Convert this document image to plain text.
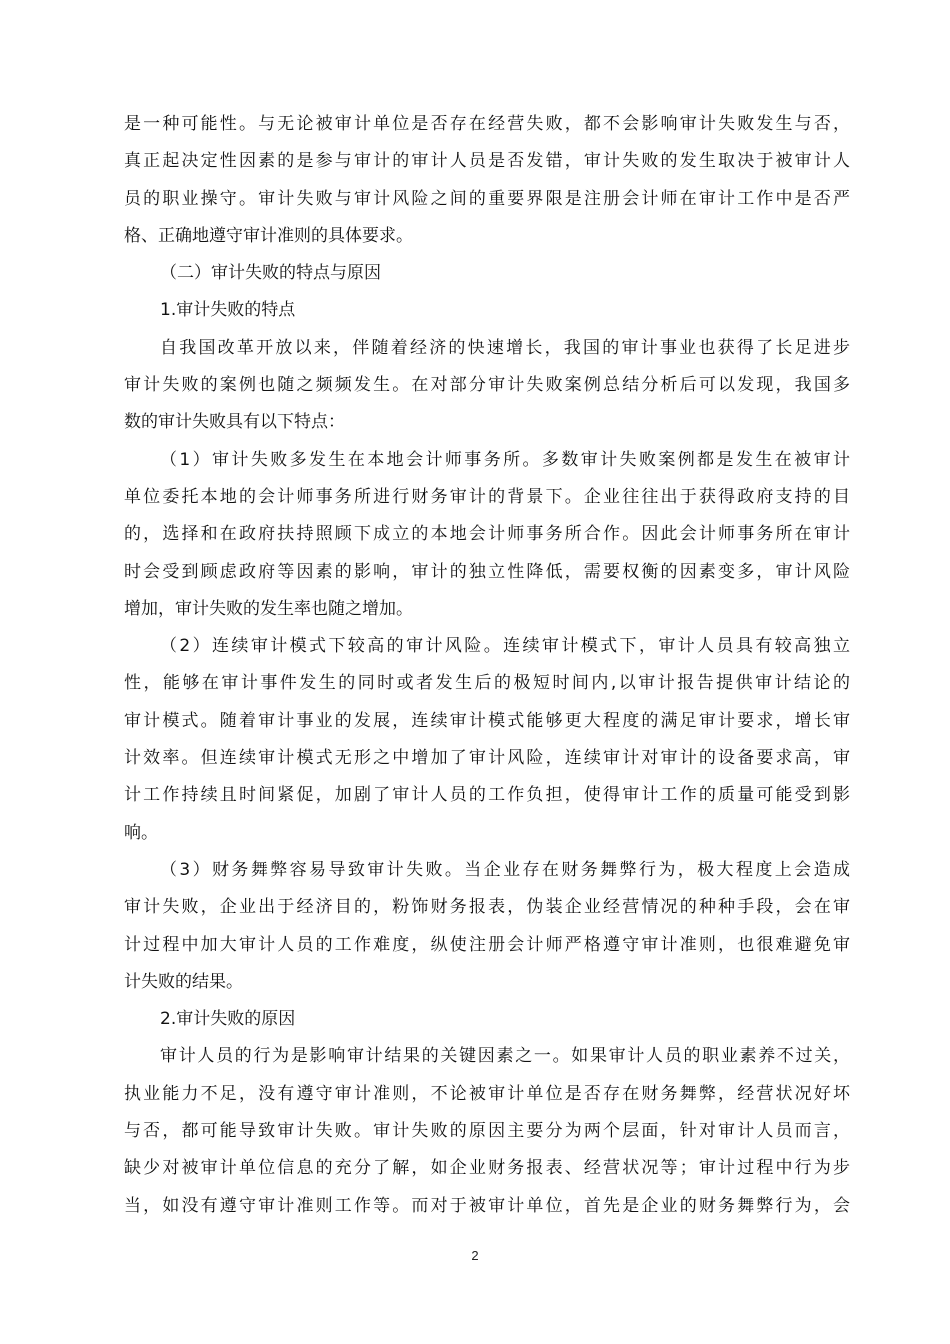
是一种可能性。与无论被审计单位是否存在经营失败，都不会影响审计失败发生与否，
真正起决定性因素的是参与审计的审计人员是否发错，审计失败的发生取决于被审计人
员的职业操守。审计失败与审计风险之间的重要界限是注册会计师在审计工作中是否严
格、正确地遵守审计准则的具体要求。

（二）审计失败的特点与原因

1.审计失败的特点

自我国改革开放以来，伴随着经济的快速增长，我国的审计事业也获得了长足进步
审计失败的案例也随之频频发生。在对部分审计失败案例总结分析后可以发现，我国多
数的审计失败具有以下特点：

（1）审计失败多发生在本地会计师事务所。多数审计失败案例都是发生在被审计
单位委托本地的会计师事务所进行财务审计的背景下。企业往往出于获得政府支持的目
的，选择和在政府扶持照顾下成立的本地会计师事务所合作。因此会计师事务所在审计
时会受到顾虑政府等因素的影响，审计的独立性降低，需要权衡的因素变多，审计风险
增加，审计失败的发生率也随之增加。

（2）连续审计模式下较高的审计风险。连续审计模式下，审计人员具有较高独立
性，能够在审计事件发生的同时或者发生后的极短时间内,以审计报告提供审计结论的
审计模式。随着审计事业的发展，连续审计模式能够更大程度的满足审计要求，增长审
计效率。但连续审计模式无形之中增加了审计风险，连续审计对审计的设备要求高，审
计工作持续且时间紧促，加剧了审计人员的工作负担，使得审计工作的质量可能受到影
响。

（3）财务舞弊容易导致审计失败。当企业存在财务舞弊行为，极大程度上会造成
审计失败，企业出于经济目的，粉饰财务报表，伪装企业经营情况的种种手段，会在审
计过程中加大审计人员的工作难度，纵使注册会计师严格遵守审计准则，也很难避免审
计失败的结果。

2.审计失败的原因

审计人员的行为是影响审计结果的关键因素之一。如果审计人员的职业素养不过关，
执业能力不足，没有遵守审计准则，不论被审计单位是否存在财务舞弊，经营状况好坏
与否，都可能导致审计失败。审计失败的原因主要分为两个层面，针对审计人员而言，
缺少对被审计单位信息的充分了解，如企业财务报表、经营状况等；审计过程中行为步
当，如没有遵守审计准则工作等。而对于被审计单位，首先是企业的财务舞弊行为，会

2
